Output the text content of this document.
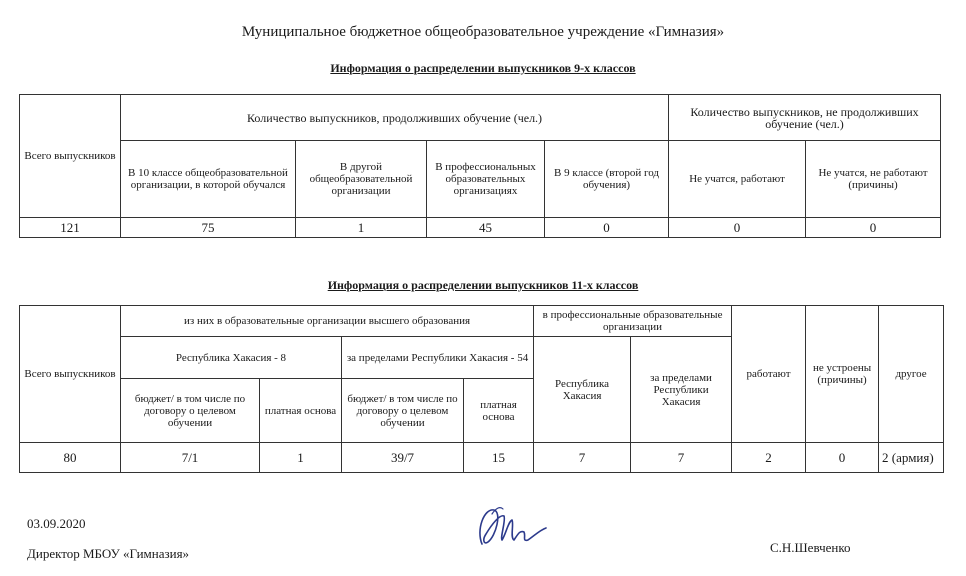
Муниципальное бюджетное общеобразовательное учреждение «Гимназия»
Информация о распределении выпускников 9-х классов
Всего выпускников	Количество выпускников, продолживших обучение (чел.)				Количество выпускников, не продолживших обучение (чел.)	
	В 10 классе общеобразовательной организации, в которой обучался	В другой общеобразовательной организации	В профессиональных образовательных организациях	В 9 классе (второй год обучения)	Не учатся, работают	Не учатся, не работают (причины)
121	75	1	45	0	0	0
Информация о распределении выпускников 11-х классов
Всего выпускников	из них в образовательные организации высшего образования				в профессиональные образовательные организации		работают	не устроены (причины)	другое
	Республика Хакасия - 8		за пределами Республики Хакасия - 54		Республика Хакасия	за пределами Республики Хакасия			
	бюджет/ в том числе по договору о целевом обучении	платная основа	бюджет/ в том числе по договору о целевом обучении	платная основа					
80	7/1	1	39/7	15	7	7	2	0	2 (армия)
03.09.2020
Директор МБОУ «Гимназия»	С.Н.Шевченко
